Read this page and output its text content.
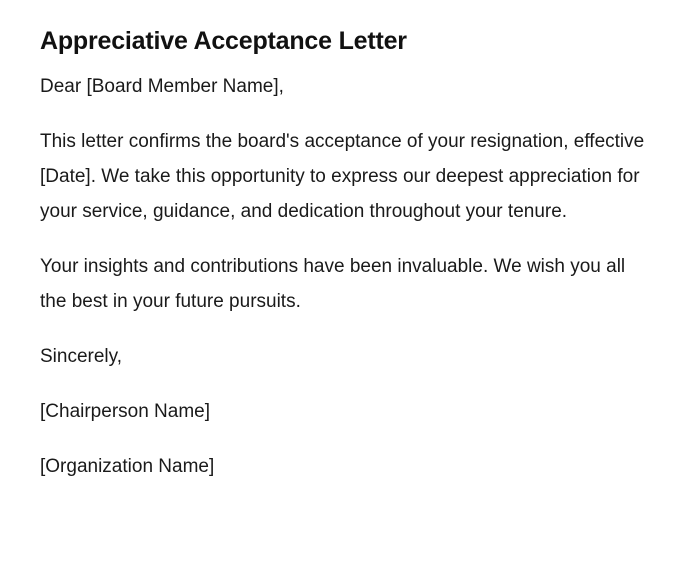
Appreciative Acceptance Letter

Dear [Board Member Name],

This letter confirms the board's acceptance of your resignation, effective [Date]. We take this opportunity to express our deepest appreciation for your service, guidance, and dedication throughout your tenure.

Your insights and contributions have been invaluable. We wish you all the best in your future pursuits.

Sincerely,

[Chairperson Name]

[Organization Name]
